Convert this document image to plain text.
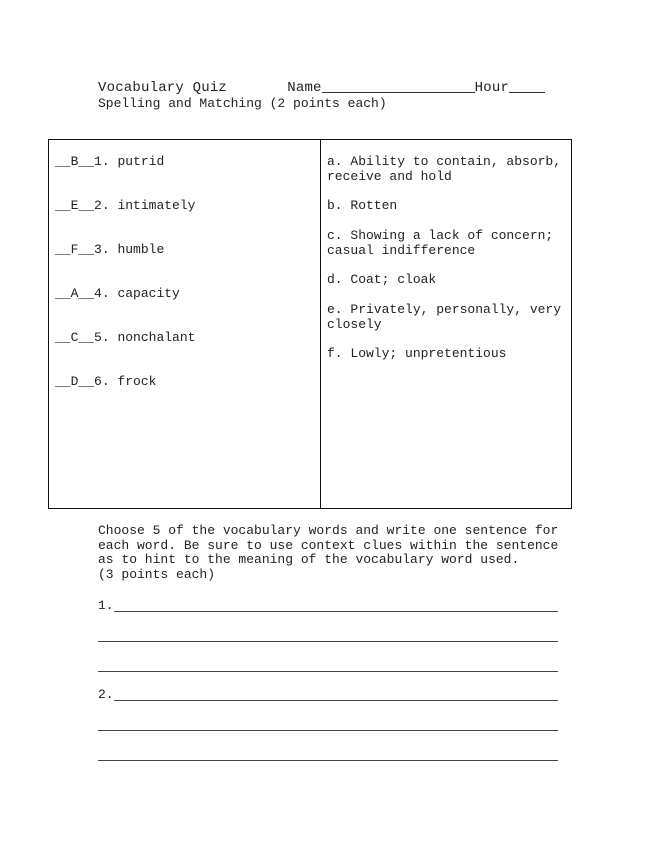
Vocabulary Quiz	Name	Hour
Spelling and Matching (2 points each)
__B__1. putrid
__E__2. intimately
__F__3. humble
__A__4. capacity
__C__5. nonchalant
__D__6. frock
a. Ability to contain, absorb, receive and hold
b. Rotten
c. Showing a lack of concern; casual indifference
d. Coat; cloak
e. Privately, personally, very closely
f. Lowly; unpretentious
Choose 5 of the vocabulary words and write one sentence for each word. Be sure to use context clues within the sentence as to hint to the meaning of the vocabulary word used.
(3 points each)
1.
2.
